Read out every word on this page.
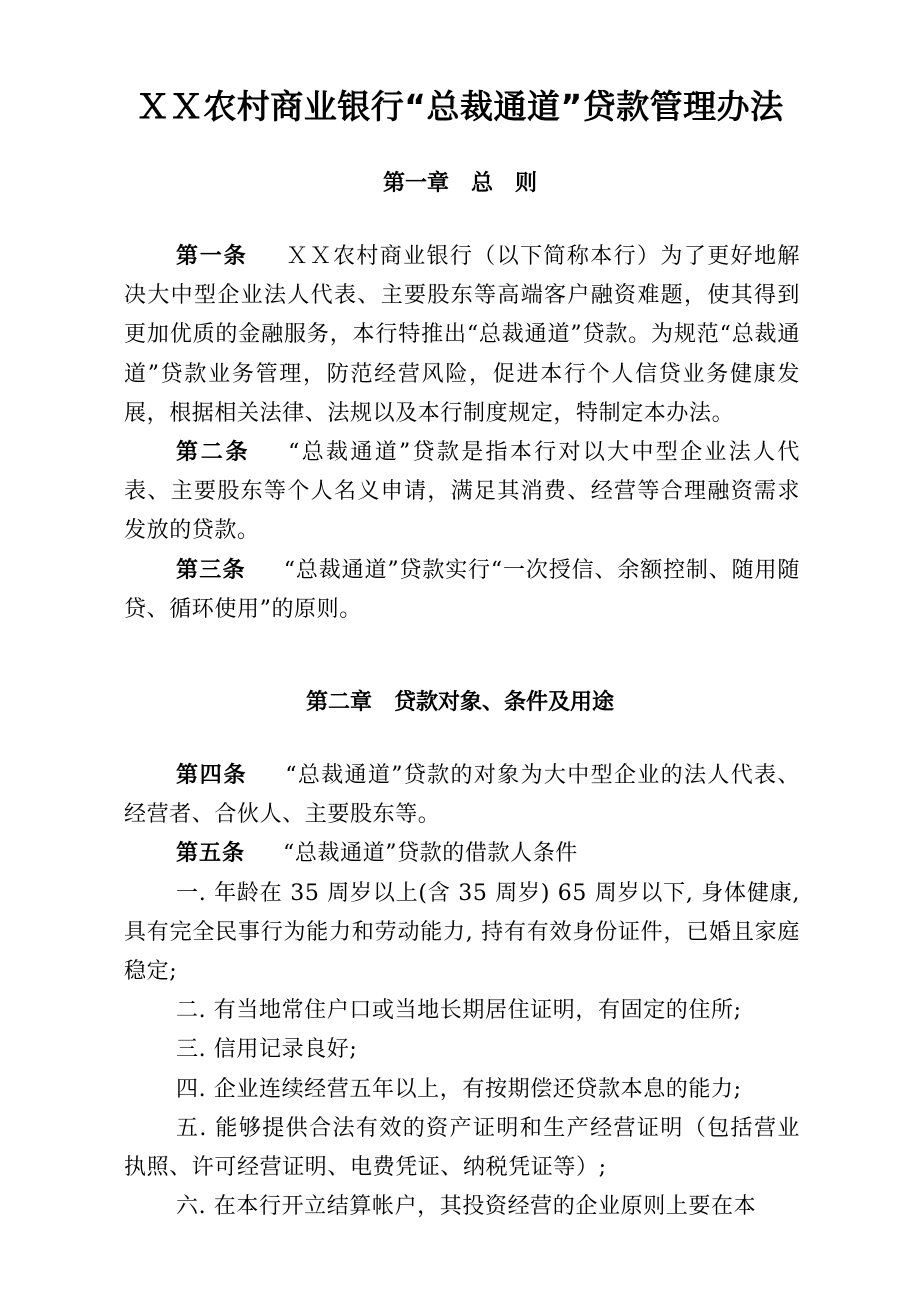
ＸＸ农村商业银行“总裁通道”贷款管理办法
第一章　总　则

第一条 ＸＸ农村商业银行（以下简称本行）为了更好地解决大中型企业法人代表、主要股东等高端客户融资难题，使其得到更加优质的金融服务，本行特推出“总裁通道”贷款。为规范“总裁通道”贷款业务管理，防范经营风险，促进本行个人信贷业务健康发展，根据相关法律、法规以及本行制度规定，特制定本办法。

第二条 “总裁通道”贷款是指本行对以大中型企业法人代表、主要股东等个人名义申请，满足其消费、经营等合理融资需求发放的贷款。

第三条 “总裁通道”贷款实行“一次授信、余额控制、随用随贷、循环使用”的原则。

第二章　贷款对象、条件及用途

第四条 “总裁通道”贷款的对象为大中型企业的法人代表、经营者、合伙人、主要股东等。

第五条 “总裁通道”贷款的借款人条件

一. 年龄在 35 周岁以上(含 35 周岁) 65 周岁以下, 身体健康, 具有完全民事行为能力和劳动能力, 持有有效身份证件，已婚且家庭稳定;

二. 有当地常住户口或当地长期居住证明，有固定的住所;

三. 信用记录良好;

四. 企业连续经营五年以上，有按期偿还贷款本息的能力;

五. 能够提供合法有效的资产证明和生产经营证明（包括营业执照、许可经营证明、电费凭证、纳税凭证等）;

六. 在本行开立结算帐户，其投资经营的企业原则上要在本
